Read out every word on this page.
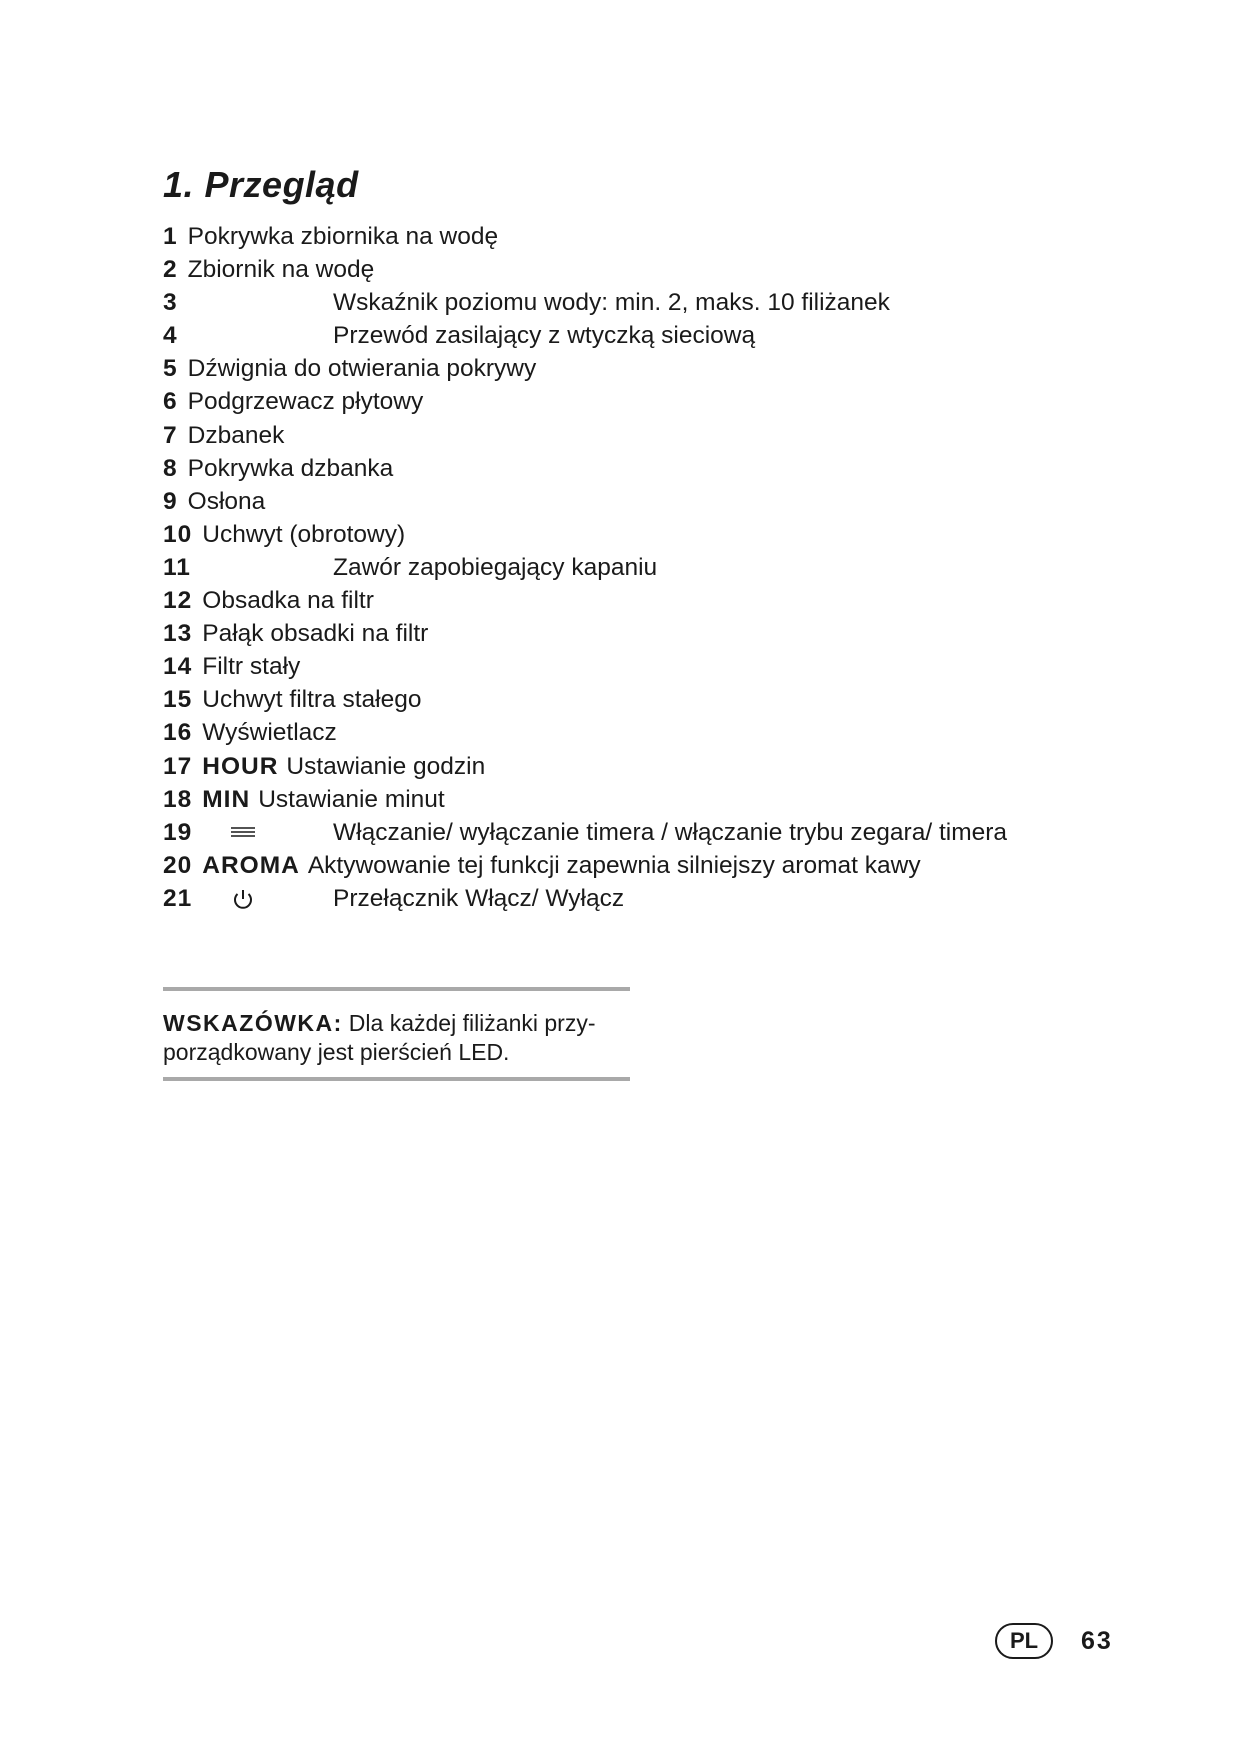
1. Przegląd
1 Pokrywka zbiornika na wodę
2 Zbiornik na wodę
3	Wskaźnik poziomu wody: min. 2, maks. 10 filiżanek
4	Przewód zasilający z wtyczką sieciową
5 Dźwignia do otwierania pokrywy
6 Podgrzewacz płytowy
7 Dzbanek
8 Pokrywka dzbanka
9 Osłona
10 Uchwyt (obrotowy)
11	Zawór zapobiegający kapaniu
12 Obsadka na filtr
13 Pałąk obsadki na filtr
14 Filtr stały
15 Uchwyt filtra stałego
16 Wyświetlacz
17 HOUR Ustawianie godzin
18 MIN Ustawianie minut
19	Włączanie/ wyłączanie timera / włączanie trybu zegara/ timera
20 AROMA Aktywowanie tej funkcji zapewnia silniejszy aromat kawy
21	Przełącznik Włącz/ Wyłącz
WSKAZÓWKA: Dla każdej filiżanki przy-porządkowany jest pierścień LED.
PL	63
